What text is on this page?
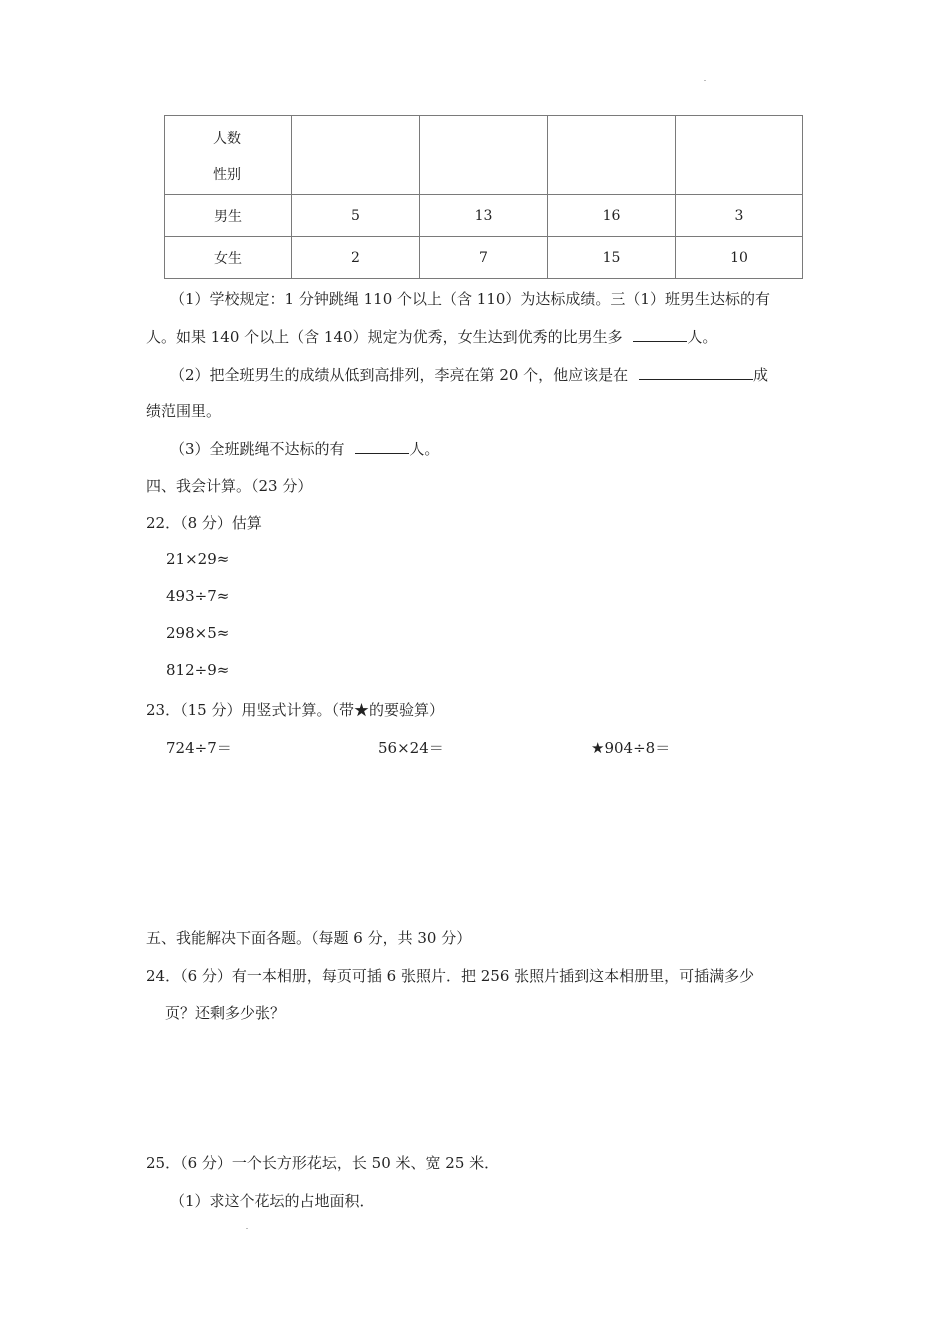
人数
性别				

男生	5	13	16	3
女生	2	7	15	10
（1）学校规定：1 分钟跳绳 110 个以上（含 110）为达标成绩。三（1）班男生达标的有
人。如果 140 个以上（含 140）规定为优秀，女生达到优秀的比男生多	人。
（2）把全班男生的成绩从低到高排列，李亮在第 20 个，他应该是在	成
绩范围里。
（3）全班跳绳不达标的有	人。
四、我会计算。（23 分）
22．（8 分）估算
21×29≈
493÷7≈
298×5≈
812÷9≈
23．（15 分）用竖式计算。（带★的要验算）
724÷7＝	56×24＝	★904÷8＝
五、我能解决下面各题。（每题 6 分，共 30 分）
24．（6 分）有一本相册，每页可插 6 张照片．把 256 张照片插到这本相册里，可插满多少
页？还剩多少张？
25．（6 分）一个长方形花坛，长 50 米、宽 25 米．
（1）求这个花坛的占地面积．
